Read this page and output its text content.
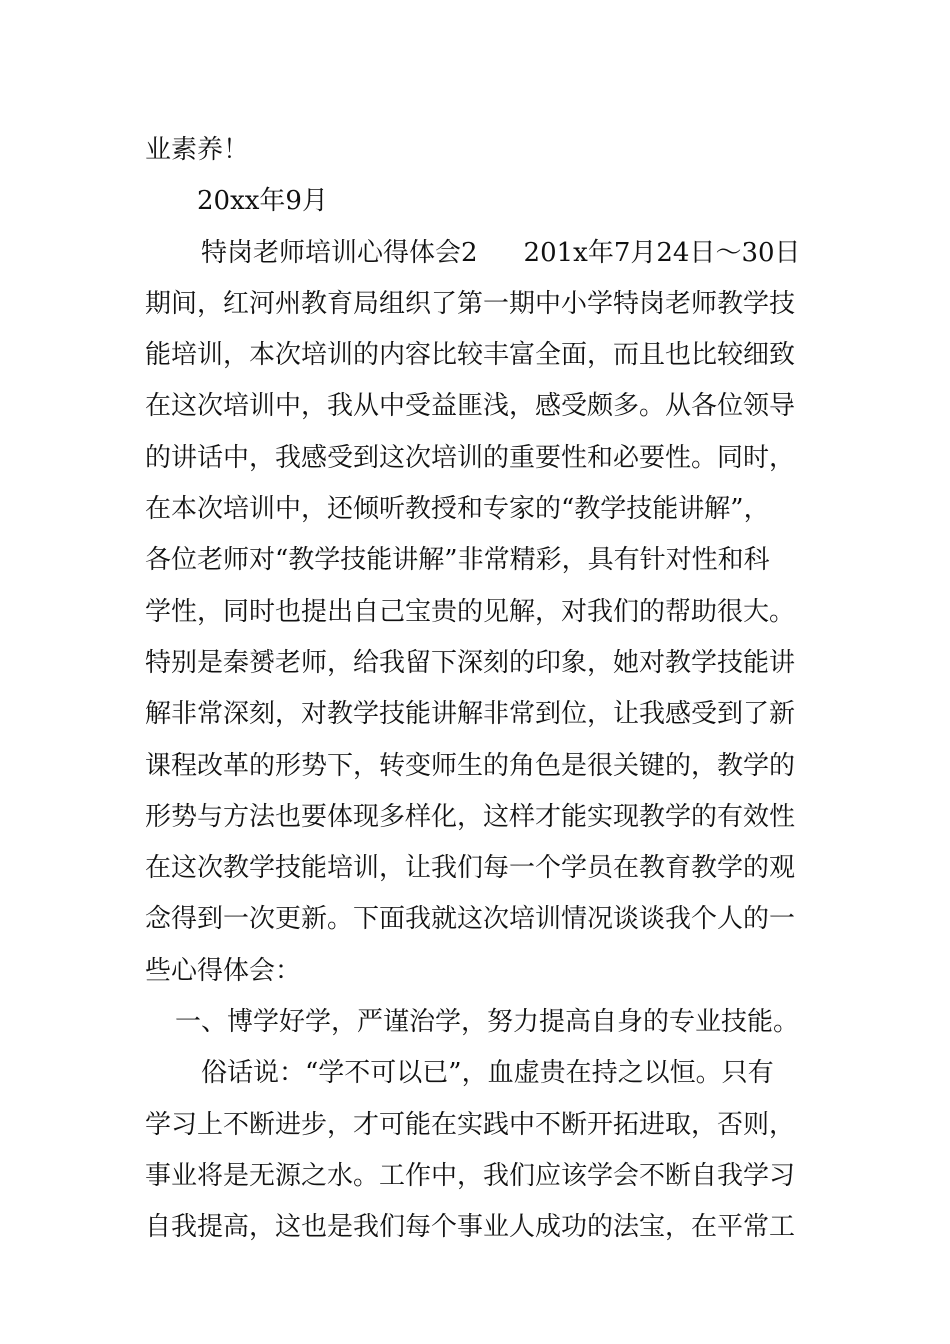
业素养！
20xx年9月
特岗老师培训心得体会2 201x年7月24日～30日
期间，红河州教育局组织了第一期中小学特岗老师教学技
能培训，本次培训的内容比较丰富全面，而且也比较细致
在这次培训中，我从中受益匪浅，感受颇多。从各位领导
的讲话中，我感受到这次培训的重要性和必要性。同时，
在本次培训中，还倾听教授和专家的“教学技能讲解”，
各位老师对“教学技能讲解”非常精彩，具有针对性和科
学性，同时也提出自己宝贵的见解，对我们的帮助很大。
特别是秦赟老师，给我留下深刻的印象，她对教学技能讲
解非常深刻，对教学技能讲解非常到位，让我感受到了新
课程改革的形势下，转变师生的角色是很关键的，教学的
形势与方法也要体现多样化，这样才能实现教学的有效性
在这次教学技能培训，让我们每一个学员在教育教学的观
念得到一次更新。下面我就这次培训情况谈谈我个人的一
些心得体会：
一、博学好学，严谨治学，努力提高自身的专业技能。
俗话说：“学不可以已”，血虚贵在持之以恒。只有
学习上不断进步，才可能在实践中不断开拓进取，否则，
事业将是无源之水。工作中，我们应该学会不断自我学习
自我提高，这也是我们每个事业人成功的法宝，在平常工
